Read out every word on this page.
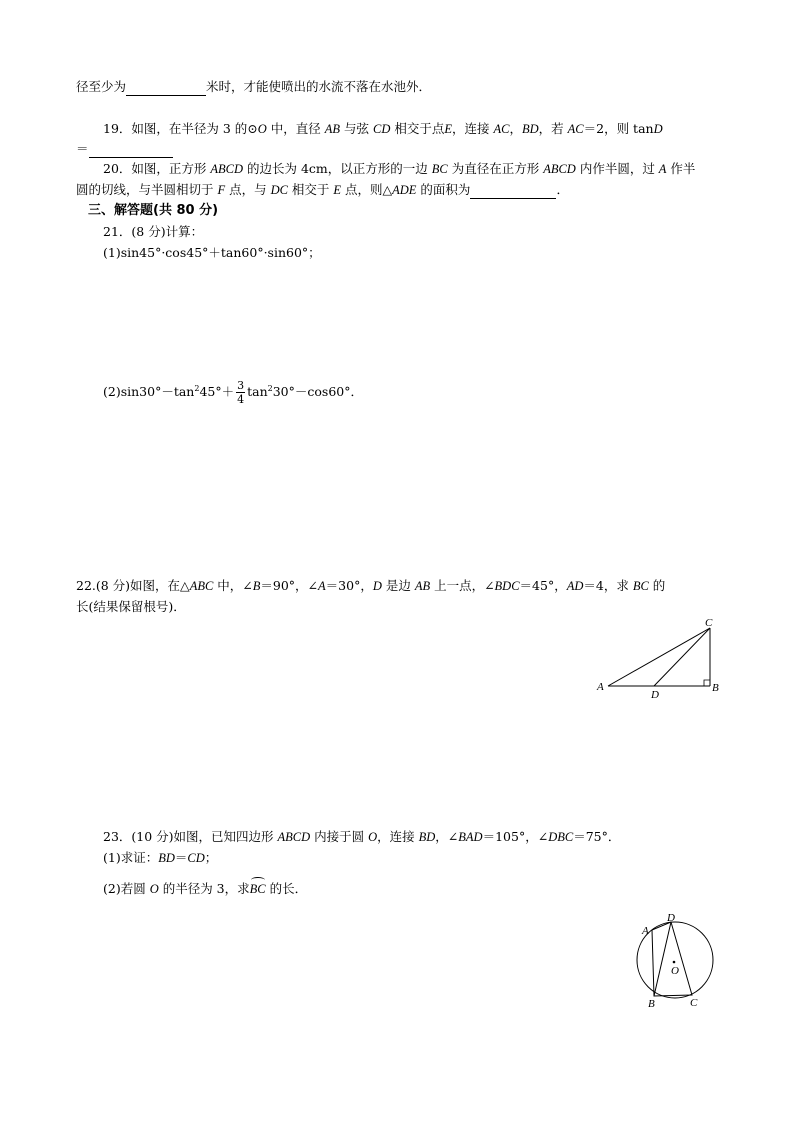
径至少为	米时，才能使喷出的水流不落在水池外．
19．如图，在半径为 3 的⊙O 中，直径 AB 与弦 CD 相交于点E，连接 AC，BD，若 AC＝2，则 tanD
＝
20．如图，正方形 ABCD 的边长为 4cm，以正方形的一边 BC 为直径在正方形 ABCD 内作半圆，过 A 作半
圆的切线，与半圆相切于 F 点，与 DC 相交于 E 点，则△ADE 的面积为	．
三、解答题(共 80 分)
21．(8 分)计算：
(1)sin45°·cos45°＋tan60°·sin60°；
$(2)\sin 30^\circ-\tan^245^\circ+ \frac{3}{4} \tan^230^\circ-\cos 60^\circ$．
22.(8 分)如图，在△ABC 中，∠B＝90°，∠A＝30°，D 是边 AB 上一点，∠BDC＝45°，AD＝4，求 BC 的
长(结果保留根号)．
A	B
C
D
23．(10 分)如图，已知四边形 ABCD 内接于圆 O，连接 BD，∠BAD＝105°，∠DBC＝75°．
(1)求证：BD＝CD；
(2)若圆 O 的半径为 3，求BC 的长．
A
D
B	C
O
